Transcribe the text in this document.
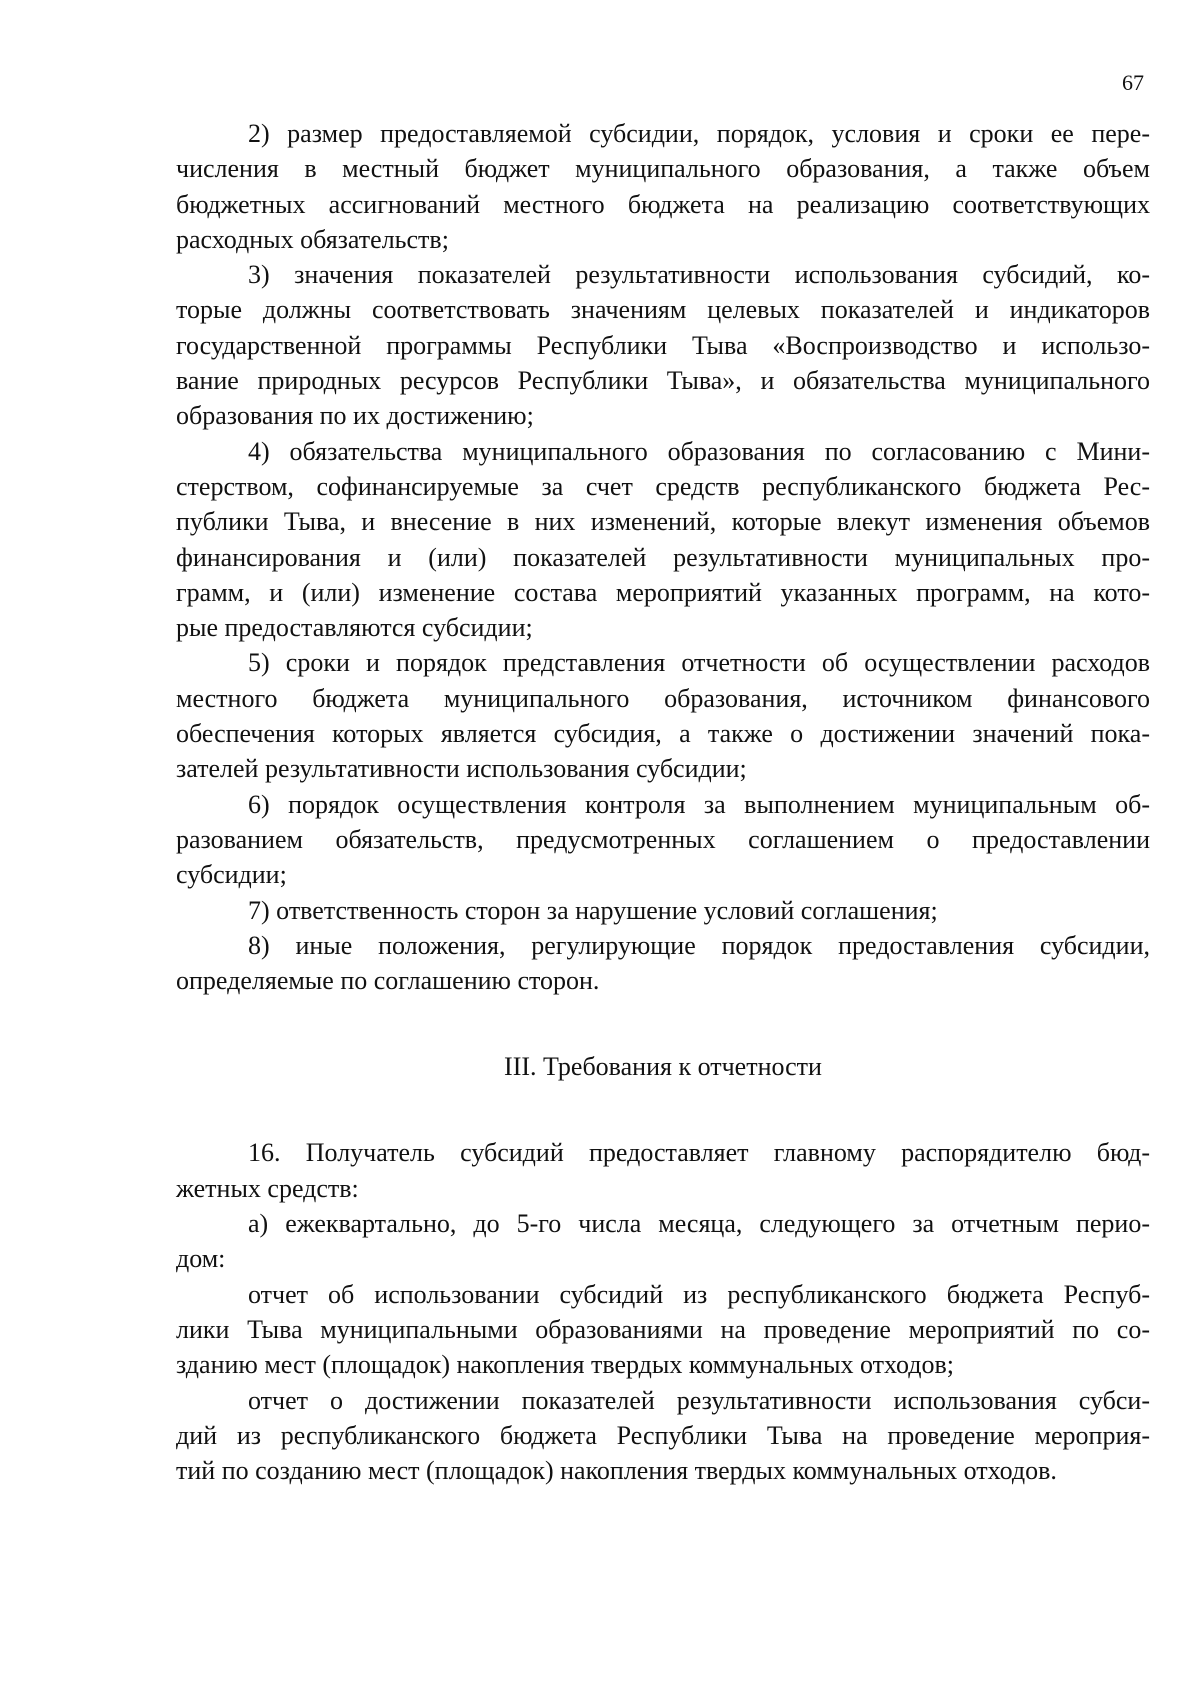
67

2) размер предоставляемой субсидии, порядок, условия и сроки ее пере-
числения в местный бюджет муниципального образования, а также объем
бюджетных ассигнований местного бюджета на реализацию соответствующих
расходных обязательств;

3) значения показателей результативности использования субсидий, ко-
торые должны соответствовать значениям целевых показателей и индикаторов
государственной программы Республики Тыва «Воспроизводство и использо-
вание природных ресурсов Республики Тыва», и обязательства муниципального
образования по их достижению;

4) обязательства муниципального образования по согласованию с Мини-
стерством, софинансируемые за счет средств республиканского бюджета Рес-
публики Тыва, и внесение в них изменений, которые влекут изменения объемов
финансирования и (или) показателей результативности муниципальных про-
грамм, и (или) изменение состава мероприятий указанных программ, на кото-
рые предоставляются субсидии;

5) сроки и порядок представления отчетности об осуществлении расходов
местного бюджета муниципального образования, источником финансового
обеспечения которых является субсидия, а также о достижении значений пока-
зателей результативности использования субсидии;

6) порядок осуществления контроля за выполнением муниципальным об-
разованием обязательств, предусмотренных соглашением о предоставлении
субсидии;

7) ответственность сторон за нарушение условий соглашения;

8) иные положения, регулирующие порядок предоставления субсидии,
определяемые по соглашению сторон.

III. Требования к отчетности

16. Получатель субсидий предоставляет главному распорядителю бюд-
жетных средств:

а) ежеквартально, до 5-го числа месяца, следующего за отчетным перио-
дом:

отчет об использовании субсидий из республиканского бюджета Респуб-
лики Тыва муниципальными образованиями на проведение мероприятий по со-
зданию мест (площадок) накопления твердых коммунальных отходов;

отчет о достижении показателей результативности использования субси-
дий из республиканского бюджета Республики Тыва на проведение мероприя-
тий по созданию мест (площадок) накопления твердых коммунальных отходов.
